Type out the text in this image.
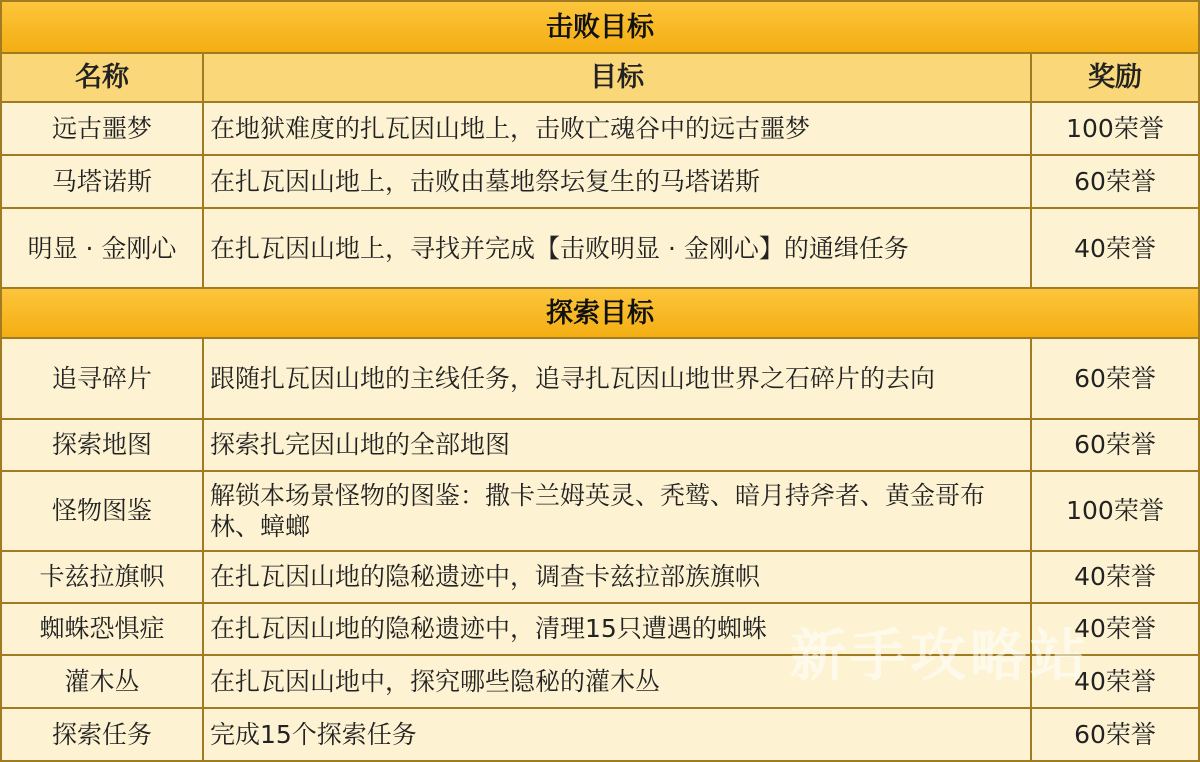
击败目标		
名称	目标	奖励
远古噩梦	在地狱难度的扎瓦因山地上，击败亡魂谷中的远古噩梦	100荣誉
马塔诺斯	在扎瓦因山地上，击败由墓地祭坛复生的马塔诺斯	60荣誉
明显 · 金刚心	在扎瓦因山地上，寻找并完成【击败明显 · 金刚心】的通缉任务	40荣誉
探索目标		
追寻碎片	跟随扎瓦因山地的主线任务，追寻扎瓦因山地世界之石碎片的去向	60荣誉
探索地图	探索扎完因山地的全部地图	60荣誉
怪物图鉴	解锁本场景怪物的图鉴：撒卡兰姆英灵、秃鹫、暗月持斧者、黄金哥布林、蟑螂	100荣誉
卡兹拉旗帜	在扎瓦因山地的隐秘遗迹中，调查卡兹拉部族旗帜	40荣誉
蜘蛛恐惧症	在扎瓦因山地的隐秘遗迹中，清理15只遭遇的蜘蛛	40荣誉
灌木丛	在扎瓦因山地中，探究哪些隐秘的灌木丛	40荣誉
探索任务	完成15个探索任务	60荣誉
新手攻略站
